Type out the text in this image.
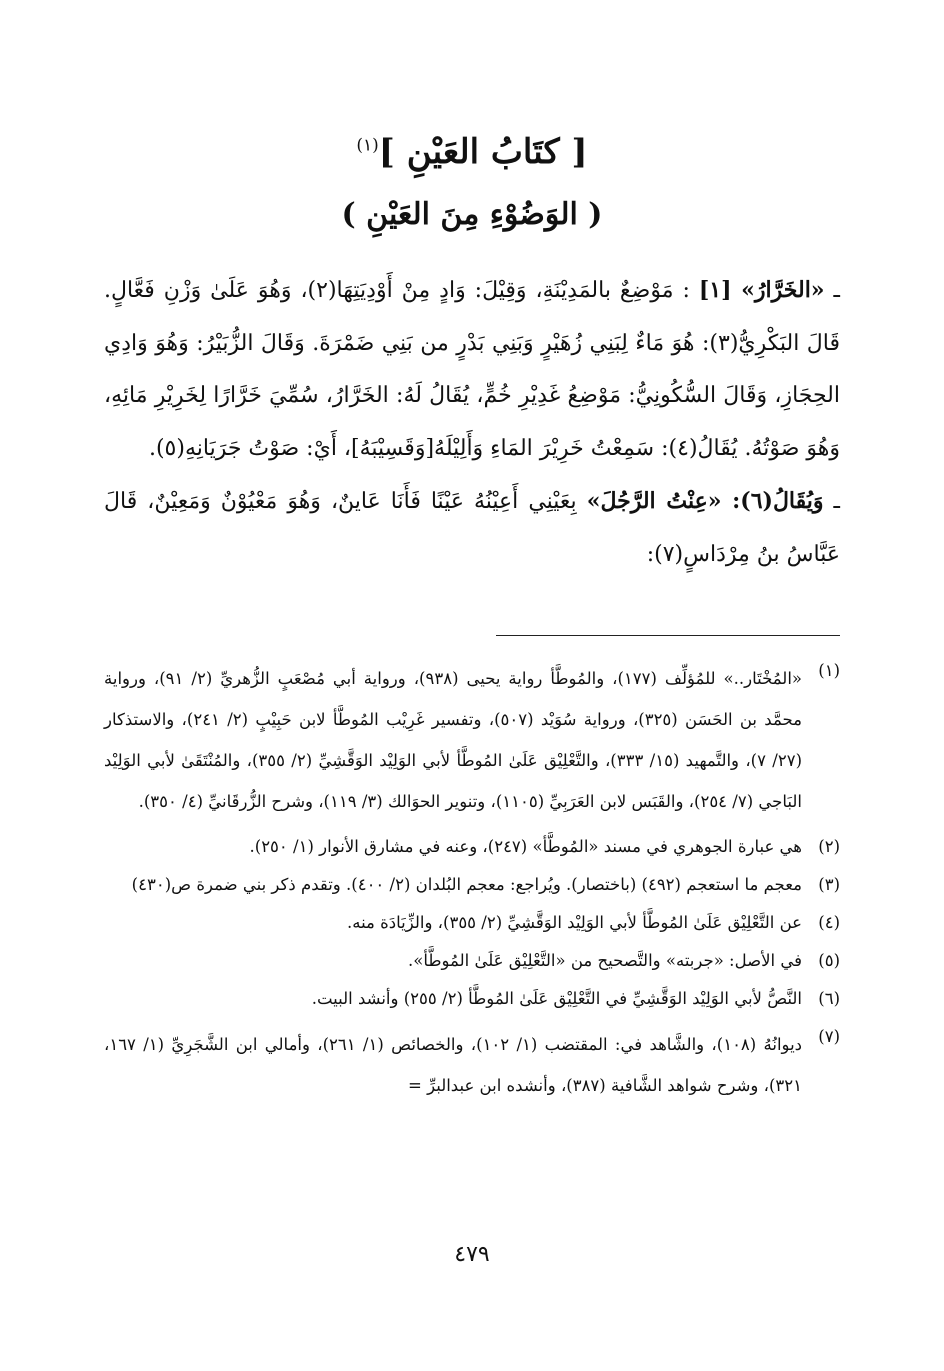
[ كتَابُ العَيْنِ ]$^{(١)}$
( الوَضُوْءِ مِنَ العَيْنِ )

ـ «الخَرَّارُ» [١] : مَوْضِعٌ بالمَدِيْنَةِ، وَقِيْلَ: وَادٍ مِنْ أَوْدِيَتِهَا(٢)، وَهُوَ عَلَىٰ وَزْنِ فَعَّالٍ. قَالَ البَكْرِيُّ(٣): هُوَ مَاءٌ لِبَنِي زُهَيْرٍ وَبَنِي بَدْرٍ من بَنِي ضَمْرَةَ. وَقَالَ الزُّبَيْرُ: وَهُوَ وَادِي الحِجَازِ، وَقَالَ السُّكُونِيُّ: مَوْضِعُ غَدِيْرِ خُمٍّ، يُقَالُ لَهُ: الخَرَّارُ، سُمِّيَ خَرَّارًا لِخَرِيْرِ مَائِهِ، وَهُوَ صَوْتُهُ. يُقَالُ(٤): سَمِعْتُ خَرِيْرَ المَاءِ وَأَلِيْلَهُ[وَقَسِيْبَهُ]، أَيْ: صَوْتُ جَرَيَانِهِ(٥).

ـ وَيُقَالُ(٦): «عِنْتُ الرَّجُلَ» بِعَيْنِي أَعِيْنُهُ عَيْنًا فَأَنَا عَاينٌ، وَهُوَ مَعْيُوْنٌ وَمَعِيْنٌ، قَالَ عَبَّاسُ بنُ مِرْدَاسٍ(٧):

(١)
«المُخْتَار..» للمُؤلِّف (١٧٧)، والمُوطَّأ رواية يحيى (٩٣٨)، ورواية أبي مُصْعَبٍ الزُّهريِّ (٢/ ٩١)، ورواية محمَّد بن الحَسَن (٣٢٥)، ورواية سُوَيْد (٥٠٧)، وتفسير غَرِيْب المُوطَّأ لابن حَبِيْبٍ (٢/ ٢٤١)، والاستذكار (٢٧/ ٧)، والتَّمهيد (١٥/ ٣٣٣)، والتَّعْلِيْق عَلَىٰ المُوطَّأ لأبي الوَلِيْد الوَقَّشِيِّ (٢/ ٣٥٥)، والمُنْتَقَىٰ لأبي الوَلِيْد البَاجي (٧/ ٢٥٤)، والقَبَس لابن العَرَبِيِّ (١١٠٥)، وتنوير الحوَالك (٣/ ١١٩)، وشرح الزُّرقَانيِّ (٤/ ٣٥٠).
(٢)
هي عبارة الجوهري في مسند «المُوطَّأ» (٢٤٧)، وعنه في مشارق الأنوار (١/ ٢٥٠).
(٣)
معجم ما استعجم (٤٩٢) (باختصار). ويُراجع: معجم البُلدان (٢/ ٤٠٠). وتقدم ذكر بني ضمرة ص(٤٣٠)
(٤)
عن التَّعْلِيْق عَلَىٰ المُوطَّأ لأبي الوَلِيْد الوَقَّشِيِّ (٢/ ٣٥٥)، والزِّيَادَة منه.
(٥)
في الأصل: «جربته» والتَّصحيح من «التَّعْلِيْق عَلَىٰ المُوطَّأ».
(٦)
النَّصُّ لأبي الوَلِيْد الوَقَّشِيِّ في التَّعْلِيْق عَلَىٰ المُوطَّأ (٢/ ٢٥٥) وأنشد البيت.
(٧)
ديوانُهُ (١٠٨)، والشَّاهد في: المقتضب (١/ ١٠٢)، والخصائص (١/ ٢٦١)، وأمالي ابن الشَّجَرِيِّ (١/ ١٦٧، ٣٢١)، وشرح شواهد الشَّافية (٣٨٧)، وأنشده ابن عبدالبرِّ =
٤٧٩
